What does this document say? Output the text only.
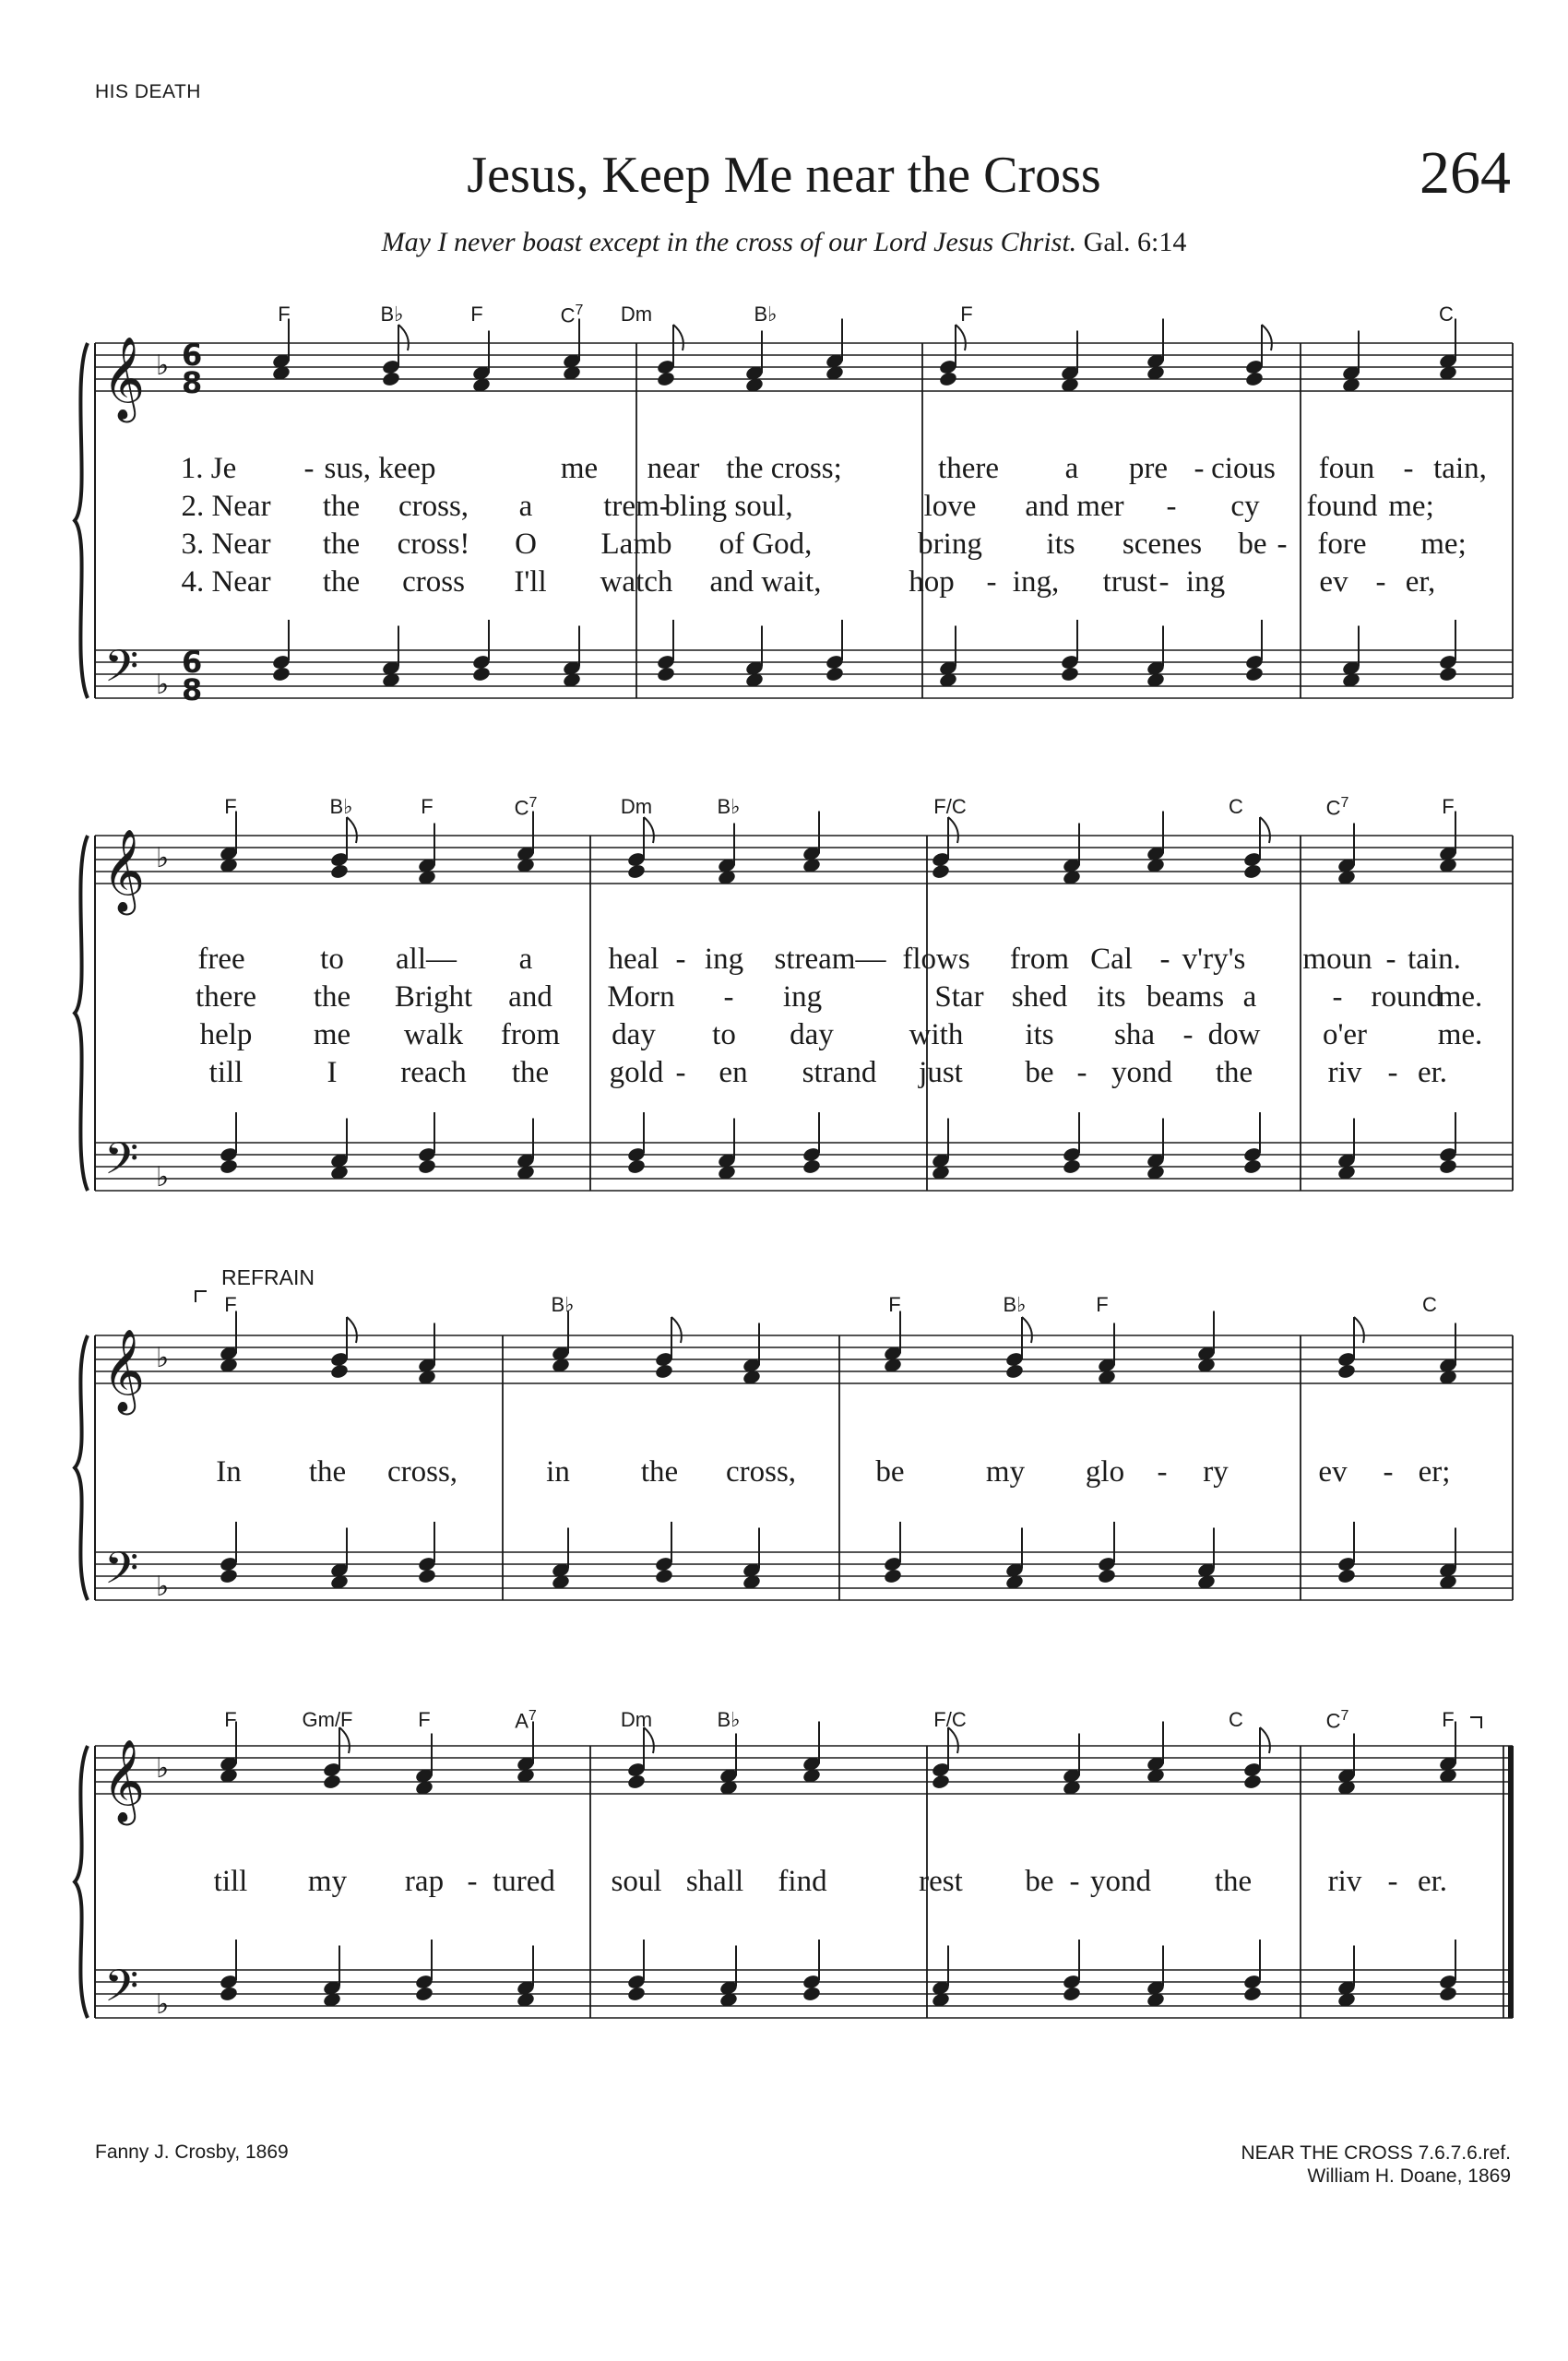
HIS DEATH
Jesus, Keep Me near the Cross	264
May I never boast except in the cross of our Lord Jesus Christ. Gal. 6:14
𝄞
𝄢
♭
♭
6
8
6
8
𝄞
𝄢
♭
♭
𝄞
𝄢
♭
♭
𝄞
𝄢
♭
♭
F	B♭	F	$C^7$ Dm	B♭	F	C
1. Je - sus, keep	me near the cross;	there a pre - cious foun - tain,
2. Near the cross, a trem-
bling soul,	love and mer - cy found me;
3. Near the cross! O Lamb of God,	bring its scenes be - fore me;
4. Near the cross I'll watch and wait,	hop - ing, trust - ing	ev - er,
F	B♭	F	$C^7$	Dm	B♭	F/C	C	$C^7$	F
free to all— a heal - ing stream— flows from Cal - v'ry's moun - tain.
there the Bright and Morn - ing	Star shed its beams a - round
me.
help me walk from day to day with its sha - dow o'er me.
till	I reach the gold - en strand just be - yond the riv - er.
F	B♭	F	B♭	F	C
REFRAIN
In the cross,	in the cross,	be	my glo - ry	ev - er;
F	Gm/F	F	$A^7$	Dm	B♭	F/C	C	$C^7$	F
till my rap - tured soul shall find	rest be - yond the	riv - er.
Fanny J. Crosby, 1869	NEAR THE CROSS 7.6.7.6.ref.
William H. Doane, 1869
